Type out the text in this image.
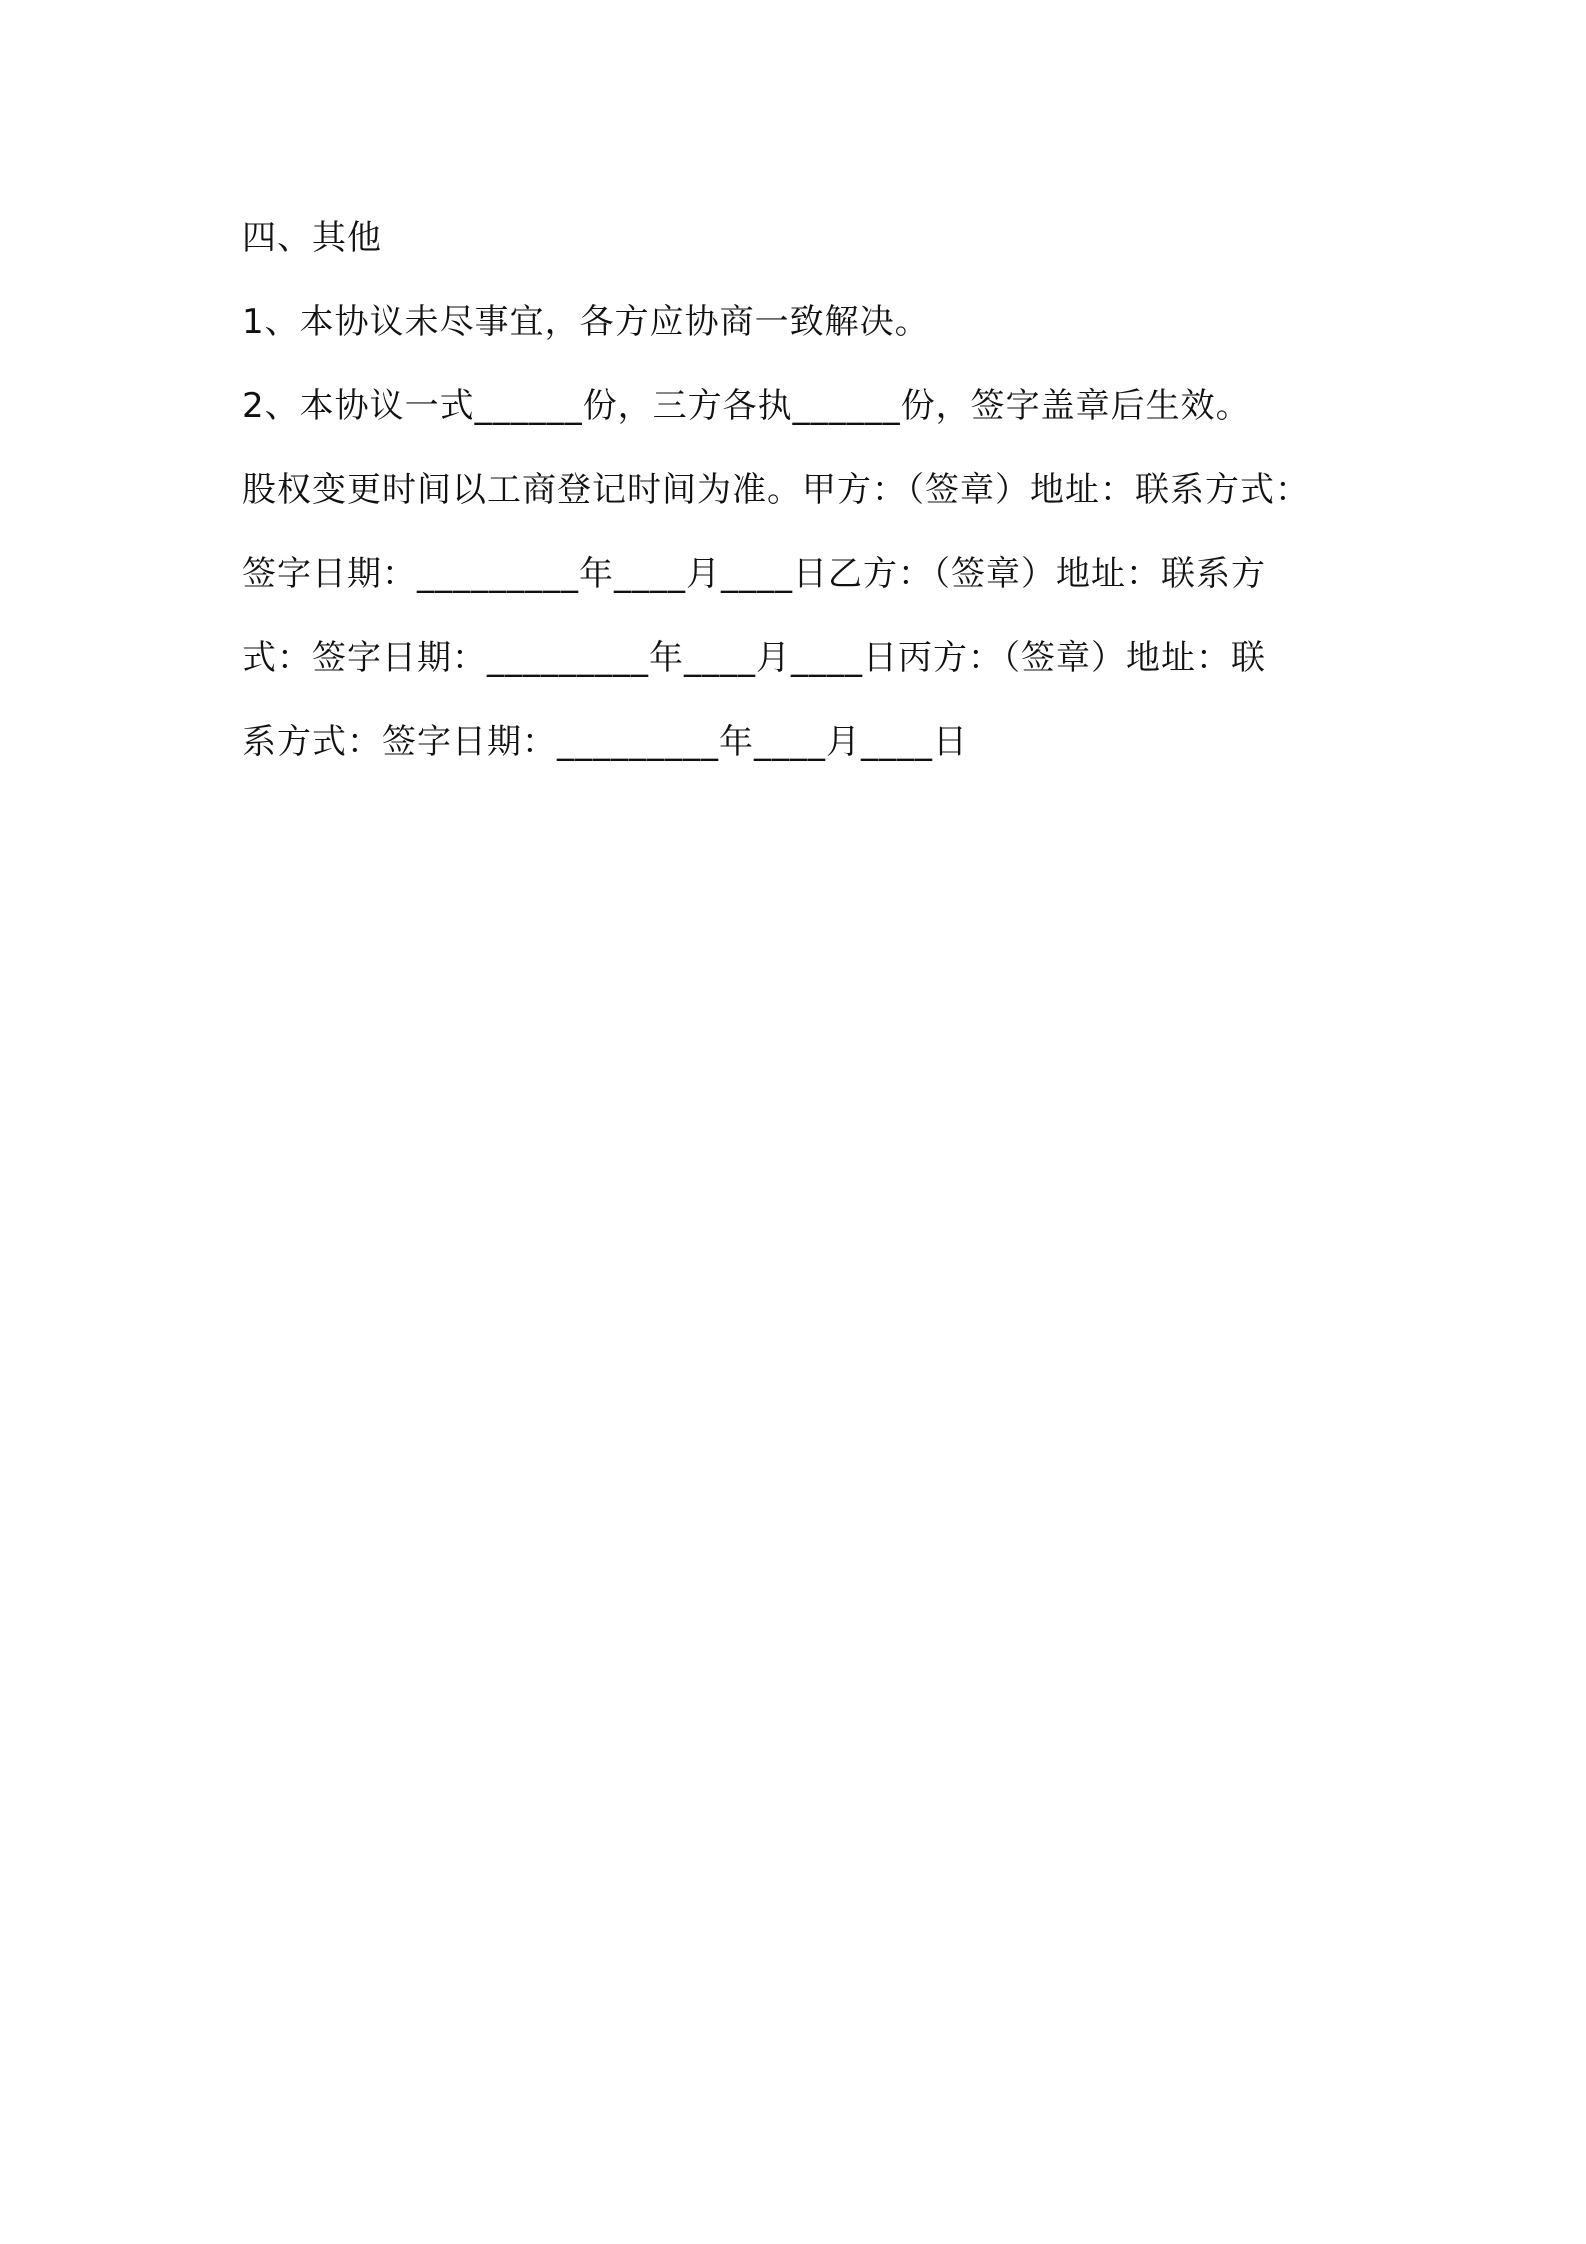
四、其他
1、本协议未尽事宜，各方应协商一致解决。
2、本协议一式______份，三方各执______份，签字盖章后生效。
股权变更时间以工商登记时间为准。甲方：（签章）地址：联系方式：
签字日期：_________年____月____日乙方：（签章）地址：联系方
式：签字日期：_________年____月____日丙方：（签章）地址：联
系方式：签字日期：_________年____月____日
